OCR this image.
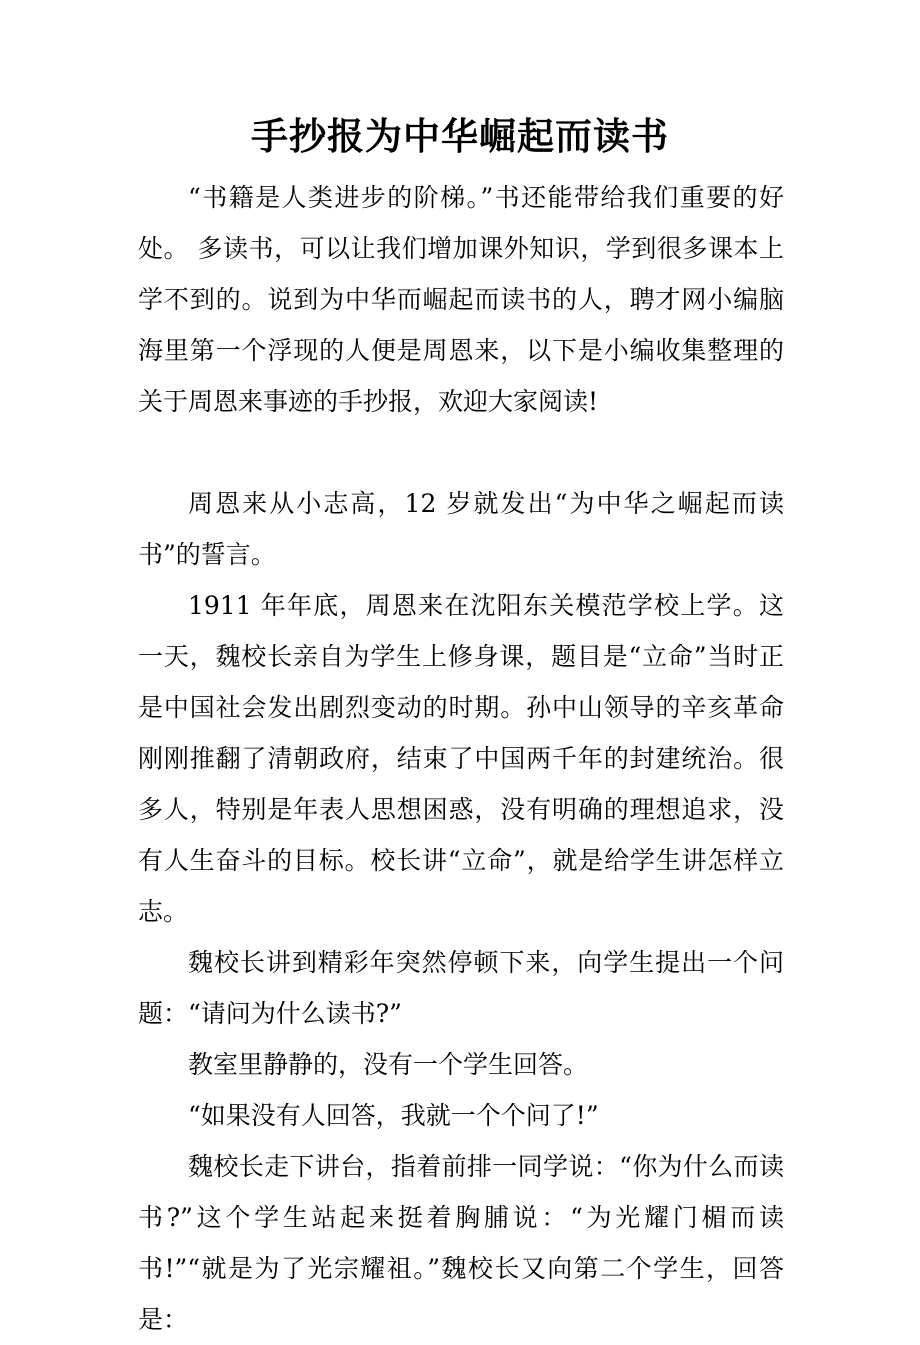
手抄报为中华崛起而读书

“书籍是人类进步的阶梯。”书还能带给我们重要的好处。 多读书，可以让我们增加课外知识，学到很多课本上学不到的。说到为中华而崛起而读书的人，聘才网小编脑海里第一个浮现的人便是周恩来，以下是小编收集整理的关于周恩来事迹的手抄报，欢迎大家阅读!

周恩来从小志高，12 岁就发出“为中华之崛起而读书”的誓言。

1911 年年底，周恩来在沈阳东关模范学校上学。这一天，魏校长亲自为学生上修身课，题目是“立命”当时正是中国社会发出剧烈变动的时期。孙中山领导的辛亥革命刚刚推翻了清朝政府，结束了中国两千年的封建统治。很多人，特别是年表人思想困惑，没有明确的理想追求，没有人生奋斗的目标。校长讲“立命”，就是给学生讲怎样立志。

魏校长讲到精彩年突然停顿下来，向学生提出一个问题：“请问为什么读书?”

教室里静静的，没有一个学生回答。

“如果没有人回答，我就一个个问了!”

魏校长走下讲台，指着前排一同学说：“你为什么而读书?”这个学生站起来挺着胸脯说：“为光耀门楣而读书!”“就是为了光宗耀祖。”魏校长又向第二个学生，回答是：
